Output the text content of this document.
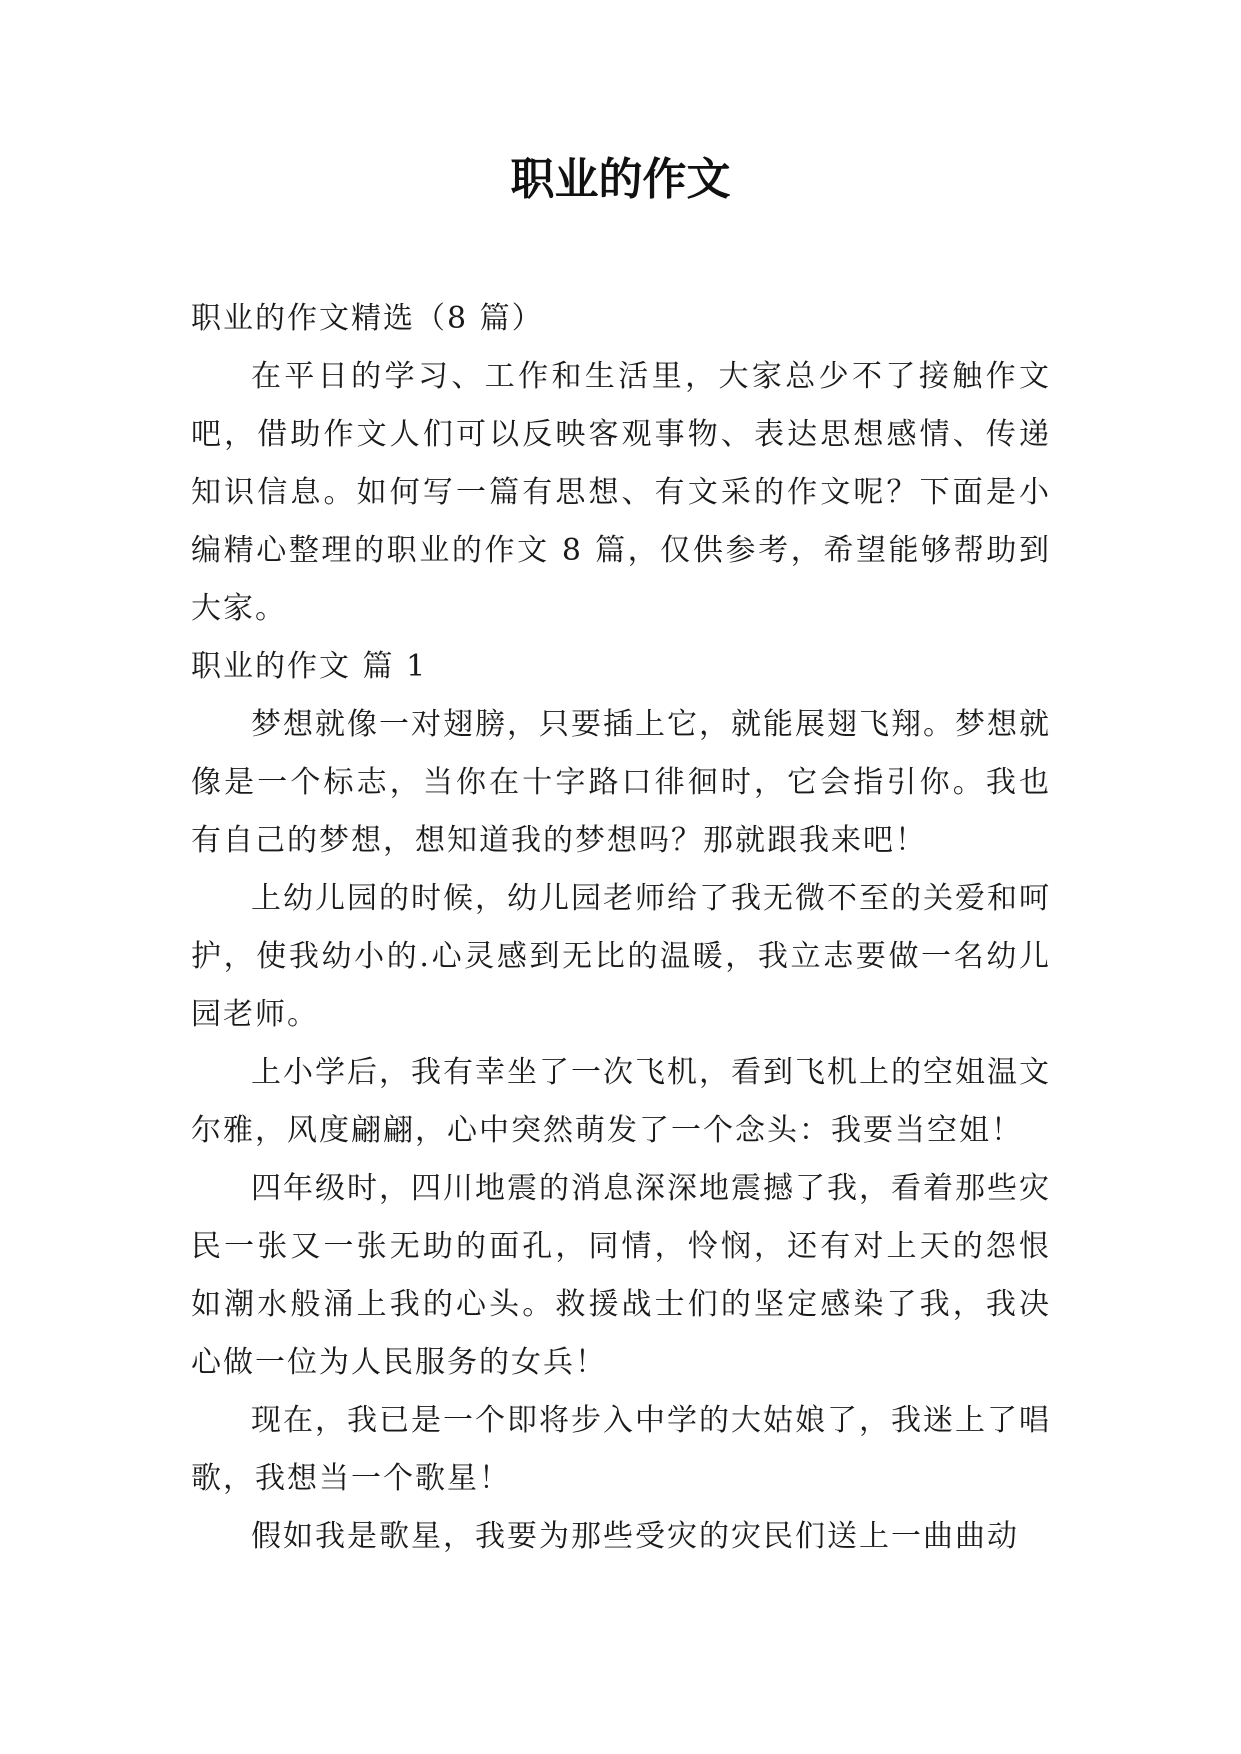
职业的作文

职业的作文精选（8 篇）

在平日的学习、工作和生活里，大家总少不了接触作文吧，借助作文人们可以反映客观事物、表达思想感情、传递知识信息。如何写一篇有思想、有文采的作文呢？下面是小编精心整理的职业的作文 8 篇，仅供参考，希望能够帮助到大家。

职业的作文 篇 1

梦想就像一对翅膀，只要插上它，就能展翅飞翔。梦想就像是一个标志，当你在十字路口徘徊时，它会指引你。我也有自己的梦想，想知道我的梦想吗？那就跟我来吧！

上幼儿园的时候，幼儿园老师给了我无微不至的关爱和呵护，使我幼小的.心灵感到无比的温暖，我立志要做一名幼儿园老师。

上小学后，我有幸坐了一次飞机，看到飞机上的空姐温文尔雅，风度翩翩，心中突然萌发了一个念头：我要当空姐！

四年级时，四川地震的消息深深地震撼了我，看着那些灾民一张又一张无助的面孔，同情，怜悯，还有对上天的怨恨如潮水般涌上我的心头。救援战士们的坚定感染了我，我决心做一位为人民服务的女兵！

现在，我已是一个即将步入中学的大姑娘了，我迷上了唱歌，我想当一个歌星！

假如我是歌星，我要为那些受灾的灾民们送上一曲曲动
